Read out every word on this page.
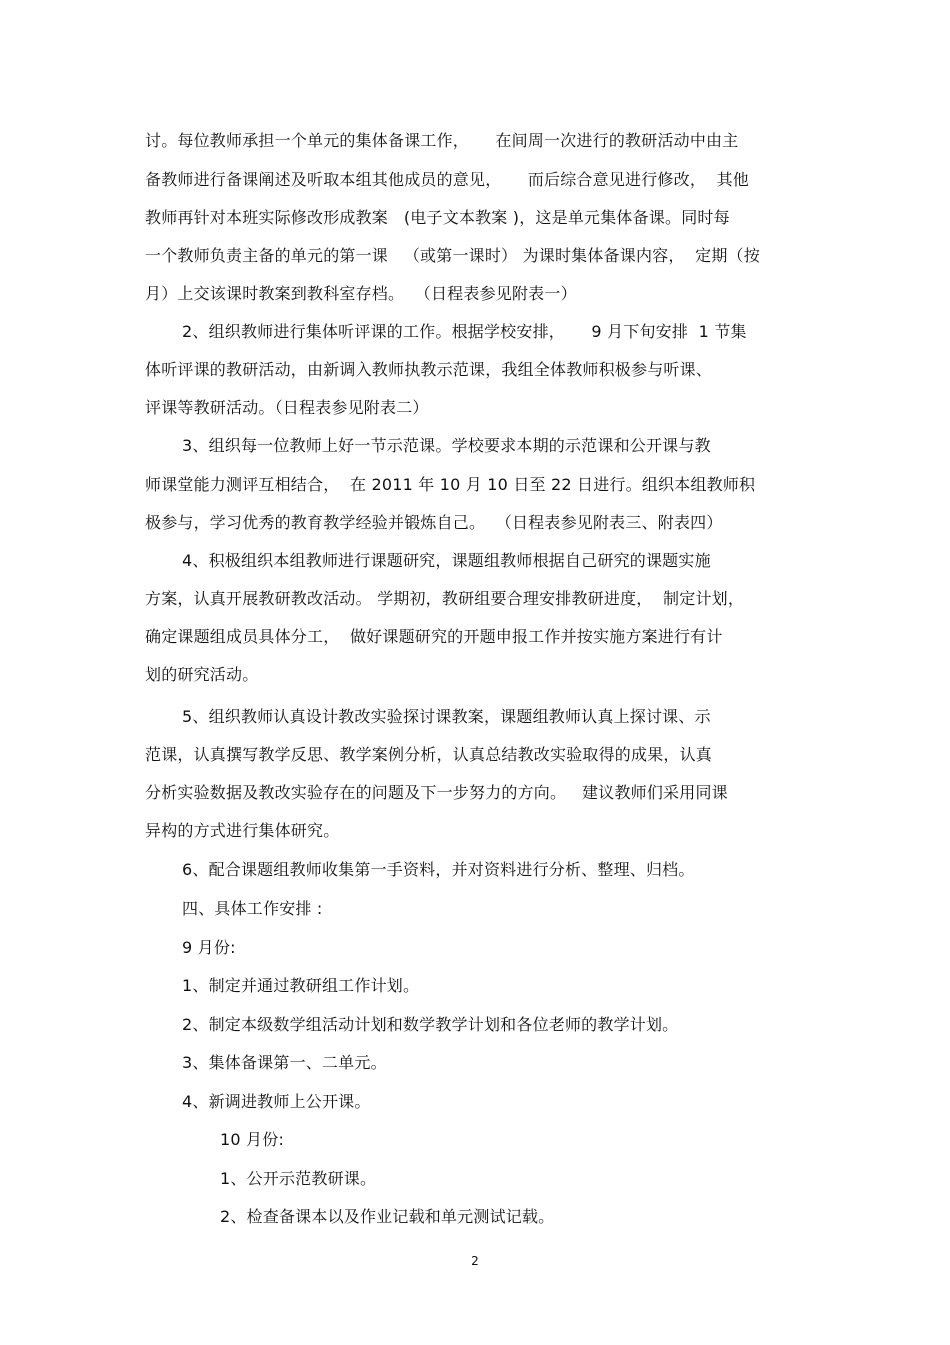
讨。每位教师承担一个单元的集体备课工作，     在间周一次进行的教研活动中由主
备教师进行备课阐述及听取本组其他成员的意见，     而后综合意见进行修改，  其他
教师再针对本班实际修改形成教案   (电子文本教案 )，这是单元集体备课。同时每
一个教师负责主备的单元的第一课   （或第一课时） 为课时集体备课内容，  定期（按
月）上交该课时教案到教科室存档。  （日程表参见附表一）
2、组织教师进行集体听评课的工作。根据学校安排，     9 月下旬安排  1 节集
体听评课的教研活动，由新调入教师执教示范课，我组全体教师积极参与听课、
评课等教研活动。（日程表参见附表二）
3、组织每一位教师上好一节示范课。学校要求本期的示范课和公开课与教
师课堂能力测评互相结合，  在 2011 年 10 月 10 日至 22 日进行。组织本组教师积
极参与，学习优秀的教育教学经验并锻炼自己。  （日程表参见附表三、附表四）
4、积极组织本组教师进行课题研究，课题组教师根据自己研究的课题实施
方案，认真开展教研教改活动。 学期初，教研组要合理安排教研进度，  制定计划，
确定课题组成员具体分工，  做好课题研究的开题申报工作并按实施方案进行有计
划的研究活动。
5、组织教师认真设计教改实验探讨课教案，课题组教师认真上探讨课、示
范课，认真撰写教学反思、教学案例分析，认真总结教改实验取得的成果，认真
分析实验数据及教改实验存在的问题及下一步努力的方向。   建议教师们采用同课
异构的方式进行集体研究。
6、配合课题组教师收集第一手资料，并对资料进行分析、整理、归档。
四、具体工作安排 :
9 月份:
1、制定并通过教研组工作计划。
2、制定本级数学组活动计划和数学教学计划和各位老师的教学计划。
3、集体备课第一、二单元。
4、新调进教师上公开课。
10 月份:
1、公开示范教研课。
2、检查备课本以及作业记载和单元测试记载。
2
